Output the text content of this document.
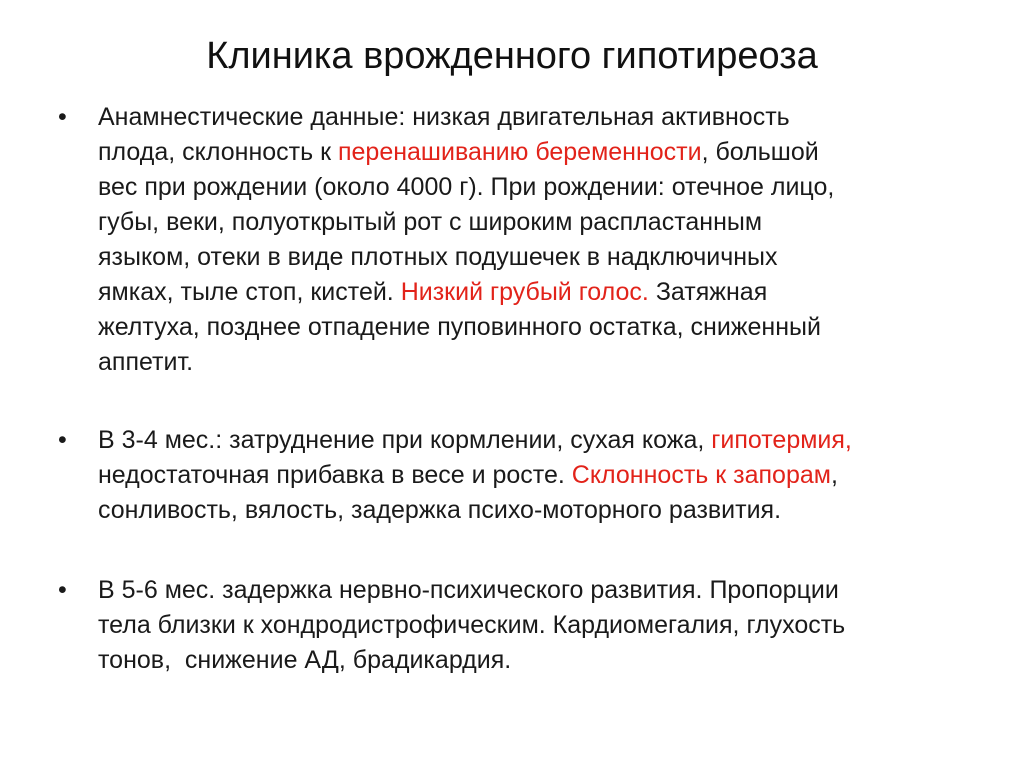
Клиника врожденного гипотиреоза
•	Анамнестические данные: низкая двигательная активность
плода, склонность к перенашиванию беременности, большой
вес при рождении (около 4000 г). При рождении: отечное лицо,
губы, веки, полуоткрытый рот с широким распластанным
языком, отеки в виде плотных подушечек в надключичных
ямках, тыле стоп, кистей. Низкий грубый голос. Затяжная
желтуха, позднее отпадение пуповинного остатка, сниженный
аппетит.
•	В 3-4 мес.: затруднение при кормлении, сухая кожа, гипотермия,
недостаточная прибавка в весе и росте. Склонность к запорам,
сонливость, вялость, задержка психо-моторного развития.
•	В 5-6 мес. задержка нервно-психического развития. Пропорции
тела близки к хондродистрофическим. Кардиомегалия, глухость
тонов,  снижение АД, брадикардия.
